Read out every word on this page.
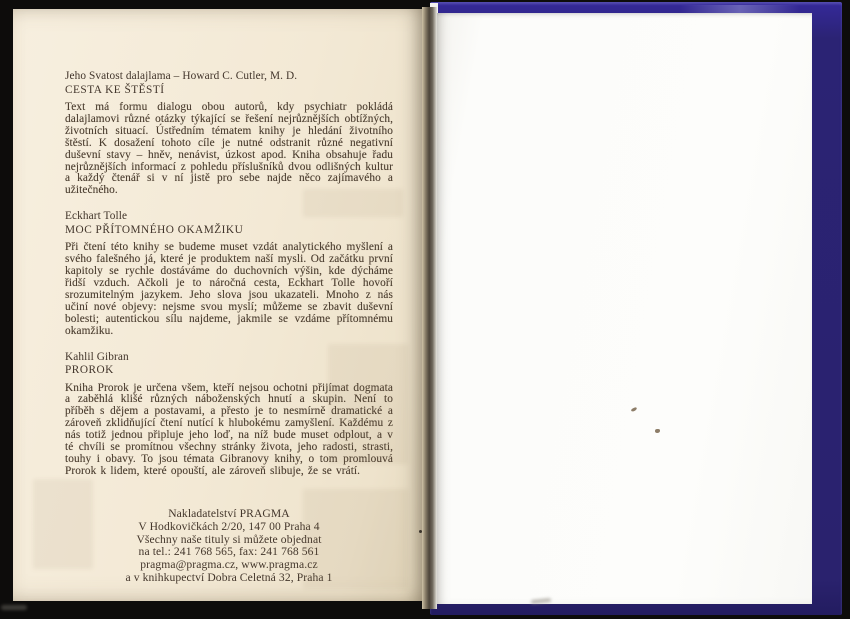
Jeho Svatost dalajlama – Howard C. Cutler, M. D.
CESTA KE ŠTĚSTÍ
Text má formu dialogu obou autorů, kdy psychiatr pokládá dalajlamovi různé otázky týkající se řešení nejrůznějších obtížných, životních situací. Ústředním tématem knihy je hledání životního štěstí. K dosažení tohoto cíle je nutné odstranit různé negativní duševní stavy – hněv, nenávist, úzkost apod. Kniha obsahuje řadu nejrůznějších informací z pohledu příslušníků dvou odlišných kultur a každý čtenář si v ní jistě pro sebe najde něco zajímavého a užitečného.
Eckhart Tolle
MOC PŘÍTOMNÉHO OKAMŽIKU
Při čtení této knihy se budeme muset vzdát analytického myšlení a svého falešného já, které je produktem naší mysli. Od začátku první kapitoly se rychle dostáváme do duchovních výšin, kde dýcháme řidší vzduch. Ačkoli je to náročná cesta, Eckhart Tolle hovoří srozumitelným jazykem. Jeho slova jsou ukazateli. Mnoho z nás učiní nové objevy: nejsme svou myslí; můžeme se zbavit duševní bolesti; autentickou sílu najdeme, jakmile se vzdáme přítomnému okamžiku.
Kahlil Gibran
PROROK
Kniha Prorok je určena všem, kteří nejsou ochotni přijímat dogmata a zaběhlá klišé různých náboženských hnutí a skupin. Není to příběh s dějem a postavami, a přesto je to nesmírně dramatické a zároveň zklidňující čtení nutící k hlubokému zamyšlení. Každému z nás totiž jednou připluje jeho loď, na níž bude muset odplout, a v té chvíli se promítnou všechny stránky života, jeho radosti, strasti, touhy i obavy. To jsou témata Gibranovy knihy, o tom promlouvá Prorok k lidem, které opouští, ale zároveň slibuje, že se vrátí.
Nakladatelství PRAGMA
V Hodkovičkách 2/20, 147 00 Praha 4
Všechny naše tituly si můžete objednat
na tel.: 241 768 565, fax: 241 768 561
pragma@pragma.cz, www.pragma.cz
a v knihkupectví Dobra Celetná 32, Praha 1
